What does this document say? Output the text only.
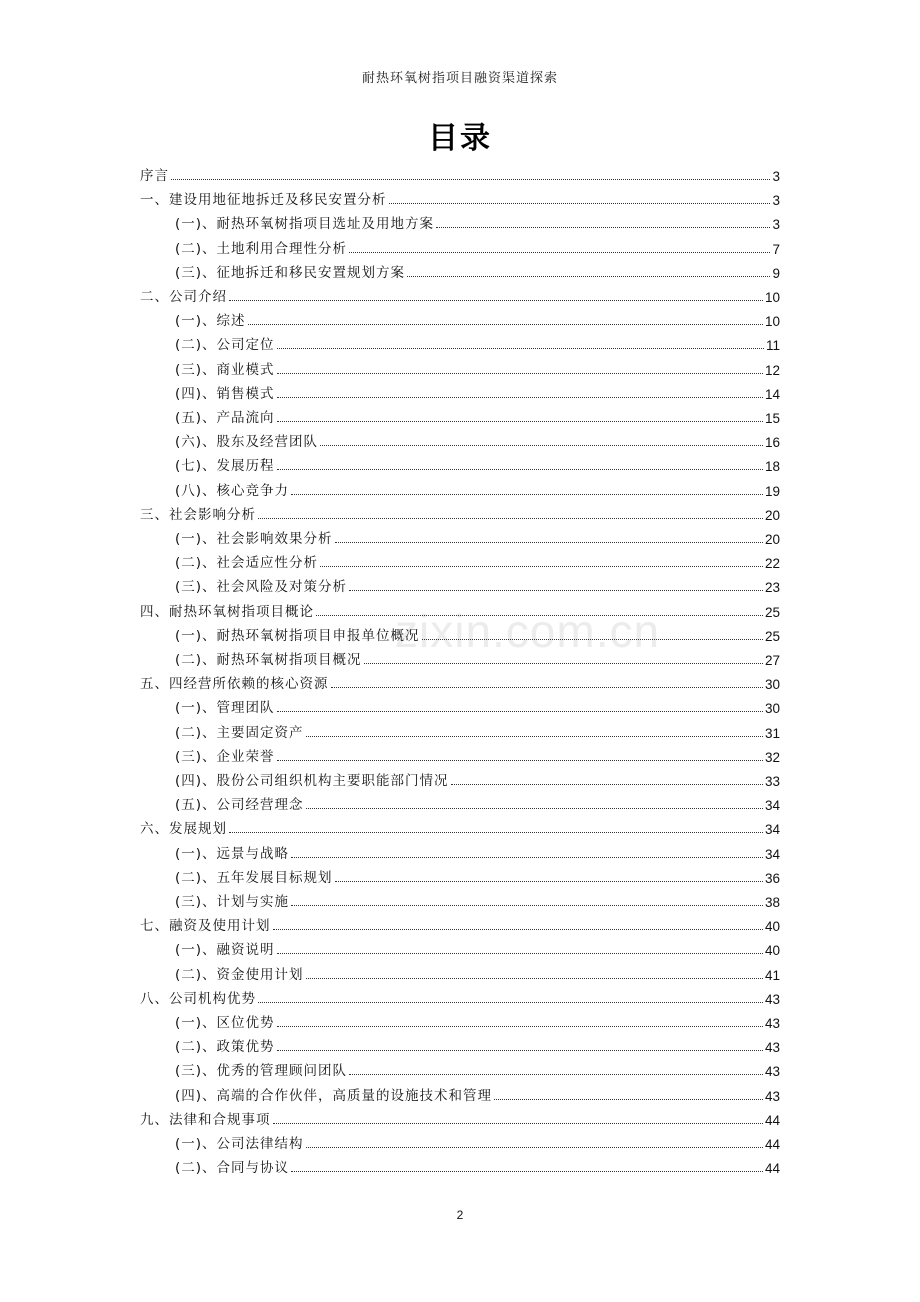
耐热环氧树指项目融资渠道探索
目录
zixin.com.cn
序言	3
一、建设用地征地拆迁及移民安置分析	3
(一)、耐热环氧树指项目选址及用地方案	3
(二)、土地利用合理性分析	7
(三)、征地拆迁和移民安置规划方案	9
二、公司介绍	10
(一)、综述	10
(二)、公司定位	11
(三)、商业模式	12
(四)、销售模式	14
(五)、产品流向	15
(六)、股东及经营团队	16
(七)、发展历程	18
(八)、核心竞争力	19
三、社会影响分析	20
(一)、社会影响效果分析	20
(二)、社会适应性分析	22
(三)、社会风险及对策分析	23
四、耐热环氧树指项目概论	25
(一)、耐热环氧树指项目申报单位概况	25
(二)、耐热环氧树指项目概况	27
五、四经营所依赖的核心资源	30
(一)、管理团队	30
(二)、主要固定资产	31
(三)、企业荣誉	32
(四)、股份公司组织机构主要职能部门情况	33
(五)、公司经营理念	34
六、发展规划	34
(一)、远景与战略	34
(二)、五年发展目标规划	36
(三)、计划与实施	38
七、融资及使用计划	40
(一)、融资说明	40
(二)、资金使用计划	41
八、公司机构优势	43
(一)、区位优势	43
(二)、政策优势	43
(三)、优秀的管理顾问团队	43
(四)、高端的合作伙伴，高质量的设施技术和管理	43
九、法律和合规事项	44
(一)、公司法律结构	44
(二)、合同与协议	44
2
